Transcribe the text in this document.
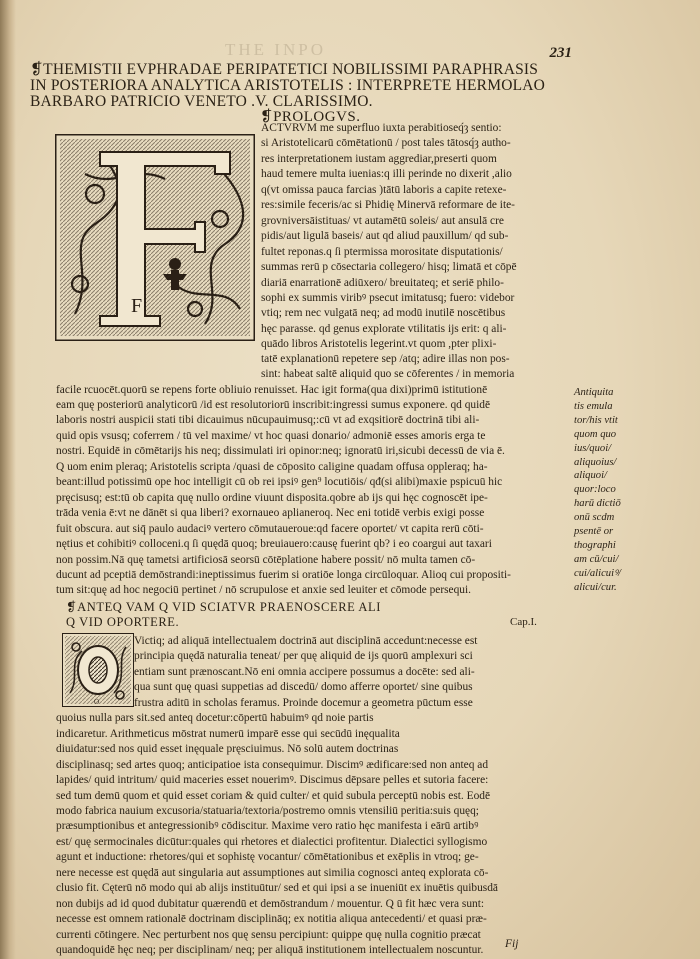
THE INPO	231
❡THEMISTII EVPHRADAE PERIPATETICI NOBILISSIMI PARAPHRASIS
IN POSTERIORA ANALYTICA ARISTOTELIS : INTERPRETE HERMOLAO
BARBARO PATRICIO VENETO .V. CLARISSIMO.
❡PROLOGVS.
F
ACTVRVM me superfluo iuxta perabitioseq́ȝ sentio:
si Aristotelicarū cōmētationū / post tales tātosq́ȝ autho-
res interpretationem iustam aggrediar,preserti quom
haud temere multa iuenias:q illi perinde no dixerit ,alio
q(vt omissa pauca farcias )tātū laboris a capite retexe-
res:simile feceris/ac si Phidię Minervā reformare de ite-
grovniversāistituas/ vt autamētū soleis/ aut ansulā cre
pidis/aut ligulā baseis/ aut qd aliud pauxillum/ qd sub-
fultet reponas.q ſi ptermissa morositate disputationis/
summas rerū p cōsectaria collegero/ hisq; limatā et cōpē
diariā enarrationē adiūxero/ breuitateq; et seriē philo-
sophi ex summis viribꝰ psecut imitatusq; fuero: videbor
vtiq; rem nec vulgatā neq; ad modū inutilē noscētibus
hęc parasse. qd genus explorate vtilitatis ijs erit: q ali-
quādo libros Aristotelis legerint.vt quom ,pter plixi-
tatē explanationū repetere sep /atq; adire illas non pos-
sint: habeat saltē aliquid quo se cōferentes / in memoria
facile rcuocēt.quorū se repens forte obliuio renuisset. Hac igit forma(qua dixi)primū istitutionē
eam quę posteriorū analyticorū /id est resolutoriorū inscribit:ingressi sumus exponere. qd quidē
laboris nostri auspicii stati tibi dicauimus nūcupauimusq;:cū vt ad exqsitiorē doctrinā tibi ali-
quid opis vsusq; coferrem / tū vel maxime/ vt hoc quasi donario/ admoniē esses amoris erga te
nostri. Equidē in cōmētarijs his neq; dissimulati iri opinor:neq; ignoratū iri,sicubi decessū de via ē.
Q uom enim pleraq; Aristotelis scripta /quasi de cōposito caligine quadam offusa oppleraq; ha-
beant:illud potissimū ope hoc intelligit cū ob rei ipsiꝰ gen⁹ locutiōis/ qđ(si alibi)maxie pspicuū hic
pręcisusq; est:tū ob capita quę nullo ordine viuunt disposita.qobre ab ijs qui hęc cognoscēt ipe-
trāda venia ē:vt ne dānēt si qua liberi? exornaueo aplianeroq. Nec eni totidē verbis exigi posse
fuit obscura. aut siq̄ paulo audaciꝰ vertero cōmutaueroue:qd facere oportet/ vt capita rerū cōti-
nętius et cohibitiꝰ colloceni.q ſi quędā quoq; breuiauero:causę fuerint qb? i eo coargui aut taxari
non possim.Nā quę tametsi artificiosā seorsū cōtēplatione habere possit/ nō multa tamen cō-
ducunt ad pceptiā demōstrandi:ineptissimus fuerim si oratiōe longa circūloquar. Alioq cui propositi-
tum sit:quę ad hoc negociū pertinet / nō scrupulose et anxie sed leuiter et cōmode persequi.
Antiquita
tis emula
tor/his vtit
quom quo
ius/quoi/
aliquoius/
aliquoi/
quor:loco
harū dictiō
onū scdm
psentē or
thographi
am cū/cui/
cui/alicuiꝰ/
alicui/cur.
❡ANTEQ VAM Q VID SCIATVR PRAENOSCERE ALI
Q VID OPORTERE.	Cap.I.
O
Victiq; ad aliquā intellectualem doctrinā aut disciplinā accedunt:necesse est
principia quędā naturalia teneat/ per quę aliquid de ijs quorū amplexuri sci
entiam sunt prænoscant.Nō eni omnia accipere possumus a docēte: sed ali-
qua sunt quę quasi suppetias ad discedū/ domo afferre oportet/ sine quibus
frustra aditū in scholas feramus. Proinde docemur a geometra pūctum esse
quoius nulla pars sit.sed anteq docetur:cōpertū habuimꝰ qd noie partis
indicaretur. Arithmeticus mōstrat numerū imparē esse qui secūdū inęqualita
diuidatur:sed nos quid esset inęquale pręsciuimus. Nō solū autem doctrinas
disciplinasq; sed artes quoq; anticipatioe ista consequimur. Discimꝰ ædificare:sed non anteq ad
lapides/ quid intritum/ quid maceries esset nouerimꝰ. Discimus dēpsare pelles et sutoria facere:
sed tum demū quom et quid esset coriam & quid culter/ et quid subula perceptū nobis est. Eodē
modo fabrica nauium excusoria/statuaria/textoria/postremo omnis vtensiliū peritia:suis quęq;
præsumptionibus et antegressionibꝰ cōdiscitur. Maxime vero ratio hęc manifesta i eārū artibꝰ
est/ quę sermocinales dicūtur:quales qui rhetores et dialectici profitentur. Dialectici syllogismo
agunt et inductione: rhetores/qui et sophistę vocantur/ cōmētationibus et exēplis in vtroq; ge-
nere necesse est quędā aut singularia aut assumptiones aut similia cognosci anteq explorata cō-
clusio fit. Cęterū nō modo qui ab alijs instituūtur/ sed et qui ipsi a se inueniūt ex inuētis quibusdā
non dubijs ad id quod dubitatur quærendū et demōstrandum / mouentur. Q ū fit hæc vera sunt:
necesse est omnem rationalē doctrinam disciplināq; ex notitia aliqua antecedenti/ et quasi præ-
currenti cōtingere. Nec perturbent nos quę sensu percipiunt: quippe quę nulla cognitio præcat
quandoquidē hęc neq; per disciplinam/ neq; per aliquā institutionem intellectualem noscuntur.
Fij
